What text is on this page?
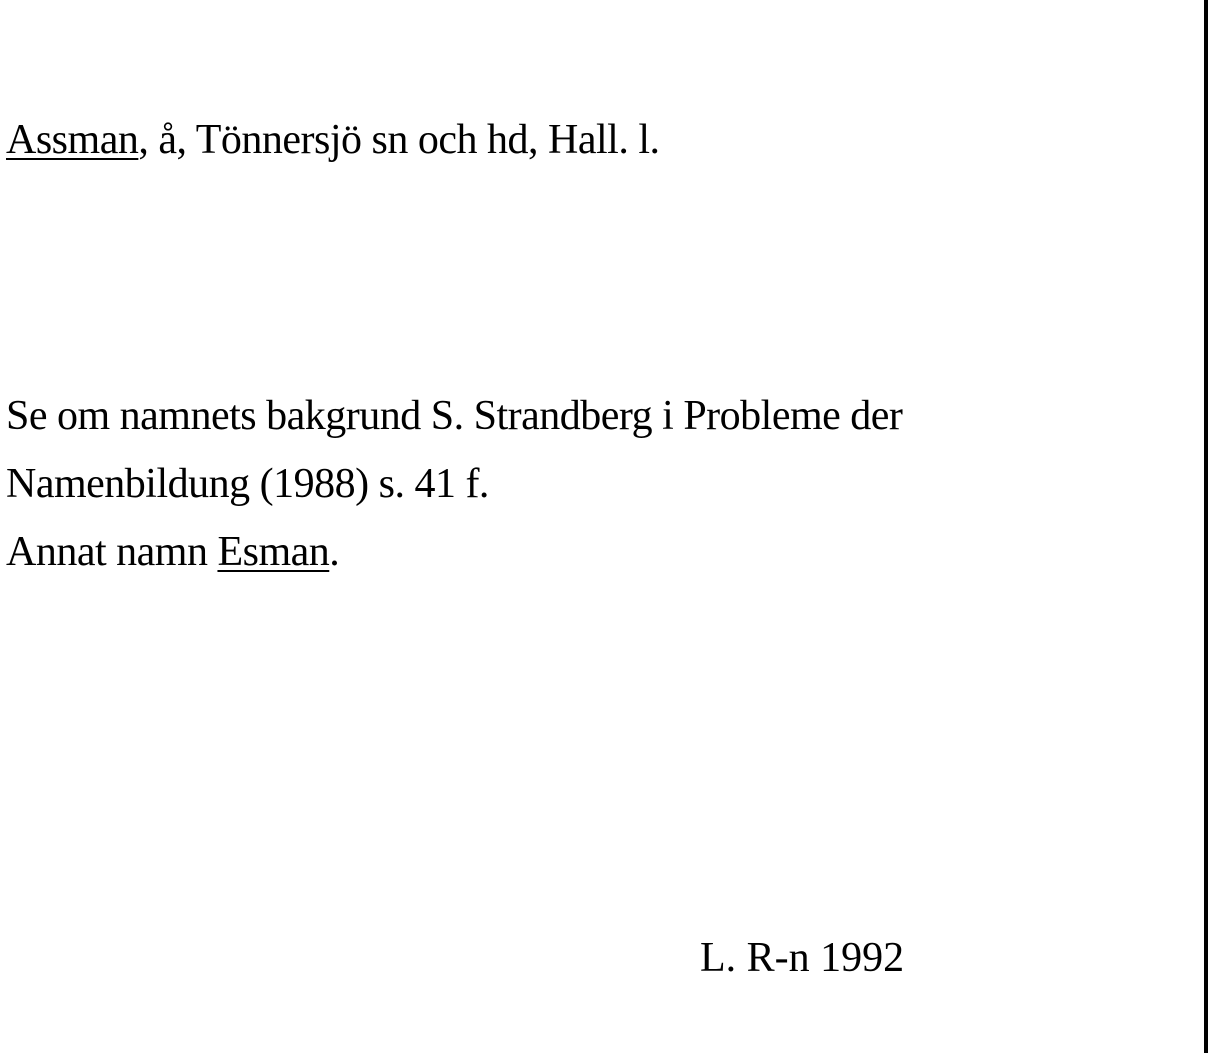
Assman, å, Tönnersjö sn och hd, Hall. l.

Se om namnets bakgrund S. Strandberg i Probleme der

Namenbildung (1988) s. 41 f.

Annat namn Esman.

L. R-n 1992
